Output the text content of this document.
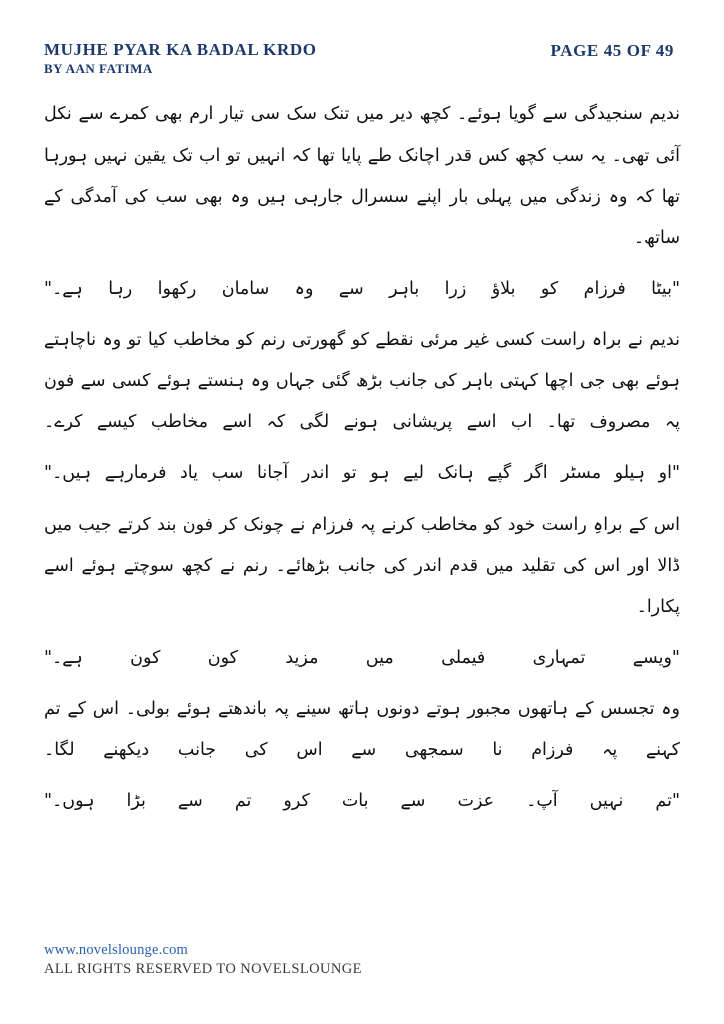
MUJHE PYAR KA BADAL KRDO
BY AAN FATIMA
PAGE 45 OF 49

ندیم سنجیدگی سے گویا ہوئے۔ کچھ دیر میں تنک سک سی تیار ارم بھی کمرے سے نکل آئی تھی۔ یہ سب کچھ کس قدر اچانک طے پایا تھا کہ انہیں تو اب تک یقین نہیں ہورہا تھا کہ وہ زندگی میں پہلی بار اپنے سسرال جارہی ہیں وہ بھی سب کی آمدگی کے ساتھ۔

"بیٹا فرزام کو بلاؤ زرا باہر سے وہ سامان رکھوا رہا ہے۔"

ندیم نے براہ راست کسی غیر مرئی نقطے کو گھورتی رنم کو مخاطب کیا تو وہ ناچاہتے ہوئے بھی جی اچھا کہتی باہر کی جانب بڑھ گئی جہاں وہ ہنستے ہوئے کسی سے فون پہ مصروف تھا۔ اب اسے پریشانی ہونے لگی کہ اسے مخاطب کیسے کرے۔

"او ہیلو مسٹر اگر گپے ہانک لیے ہو تو اندر آجانا سب یاد فرمارہے ہیں۔"

اس کے براہِ راست خود کو مخاطب کرنے پہ فرزام نے چونک کر فون بند کرتے جیب میں ڈالا اور اس کی تقلید میں قدم اندر کی جانب بڑھائے۔ رنم نے کچھ سوچتے ہوئے اسے پکارا۔

"ویسے تمہاری فیملی میں مزید کون کون ہے۔"

وہ تجسس کے ہاتھوں مجبور ہوتے دونوں ہاتھ سینے پہ باندھتے ہوئے بولی۔ اس کے تم کہنے پہ فرزام نا سمجھی سے اس کی جانب دیکھنے لگا۔

"تم نہیں آپ۔ عزت سے بات کرو تم سے بڑا ہوں۔"

www.novelslounge.com
ALL RIGHTS RESERVED TO NOVELSLOUNGE
